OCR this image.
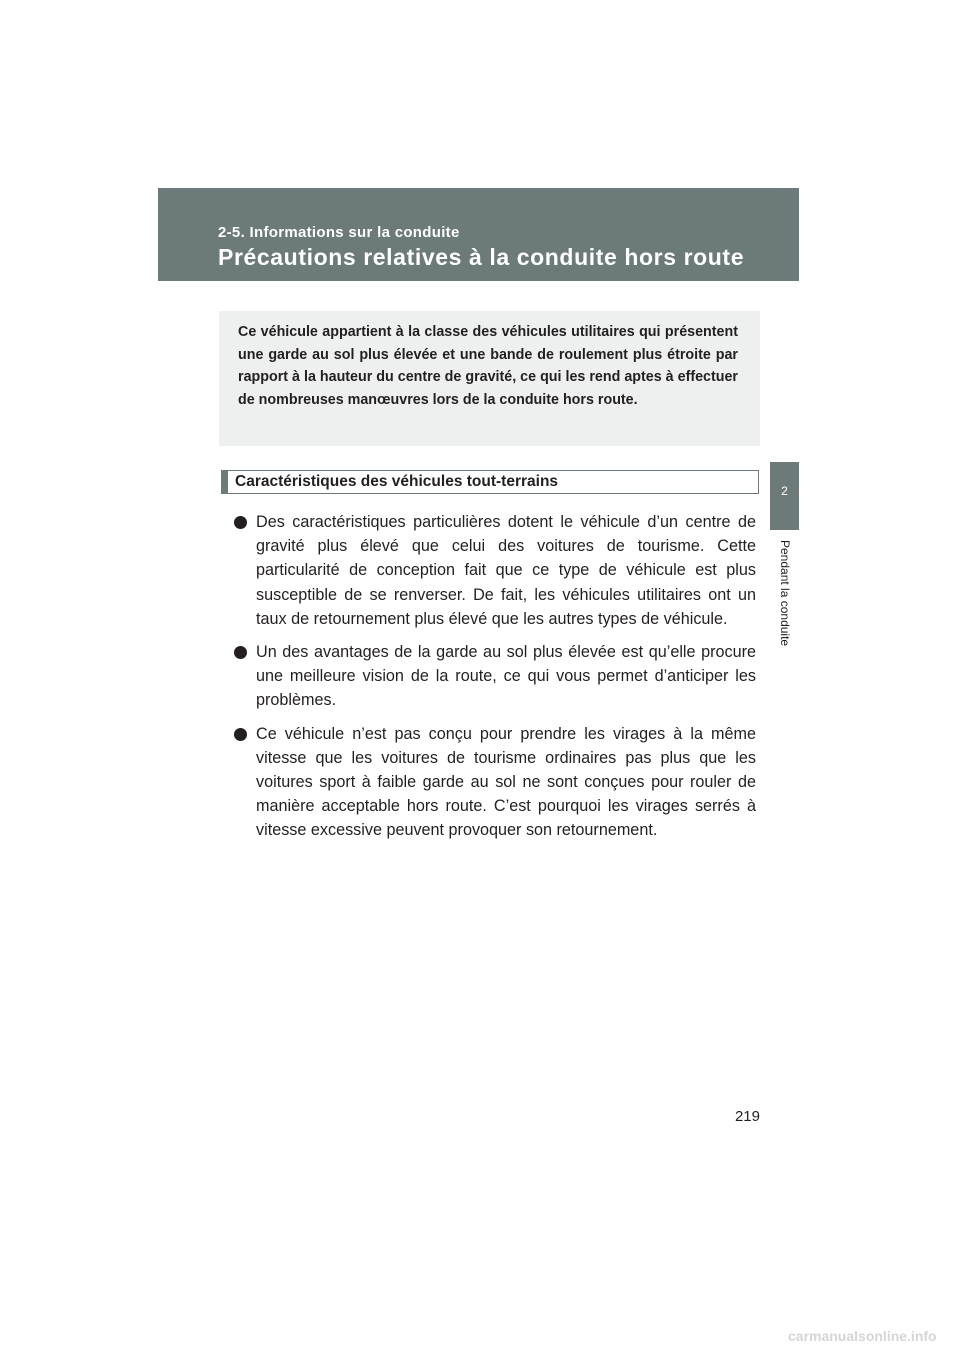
2-5. Informations sur la conduite
Précautions relatives à la conduite hors route

Ce véhicule appartient à la classe des véhicules utilitaires qui présentent une garde au sol plus élevée et une bande de roulement plus étroite par rapport à la hauteur du centre de gravité, ce qui les rend aptes à effectuer de nombreuses manœuvres lors de la conduite hors route.

Caractéristiques des véhicules tout-terrains
Des caractéristiques particulières dotent le véhicule d’un centre de gravité plus élevé que celui des voitures de tourisme. Cette particularité de conception fait que ce type de véhicule est plus susceptible de se renverser. De fait, les véhicules utilitaires ont un taux de retournement plus élevé que les autres types de véhicule.
Un des avantages de la garde au sol plus élevée est qu’elle procure une meilleure vision de la route, ce qui vous permet d’anticiper les problèmes.
Ce véhicule n’est pas conçu pour prendre les virages à la même vitesse que les voitures de tourisme ordinaires pas plus que les voitures sport à faible garde au sol ne sont conçues pour rouler de manière acceptable hors route. C’est pourquoi les virages serrés à vitesse excessive peuvent provoquer son retournement.
2
Pendant la conduite
219
carmanualsonline.info
